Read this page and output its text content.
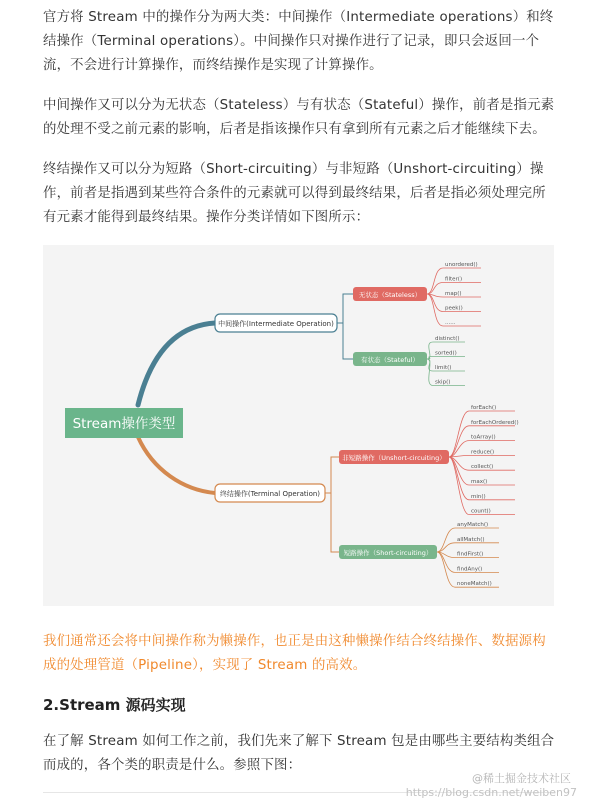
官方将 Stream 中的操作分为两大类：中间操作（Intermediate operations）和终结操作（Terminal operations）。中间操作只对操作进行了记录，即只会返回一个流，不会进行计算操作，而终结操作是实现了计算操作。
中间操作又可以分为无状态（Stateless）与有状态（Stateful）操作，前者是指元素的处理不受之前元素的影响，后者是指该操作只有拿到所有元素之后才能继续下去。
终结操作又可以分为短路（Short-circuiting）与非短路（Unshort-circuiting）操作，前者是指遇到某些符合条件的元素就可以得到最终结果，后者是指必须处理完所有元素才能得到最终结果。操作分类详情如下图所示：
Stream操作类型
中间操作(Intermediate Operation)
终结操作(Terminal Operation)
无状态（Stateless）
有状态（Stateful）
非短路操作（Unshort-circuiting）
短路操作（Short-circuiting）
unordered()
filter()
map()
peek()
......
distinct()
sorted()
limit()
skip()
forEach()
forEachOrdered()
toArray()
reduce()
collect()
max()
min()
count()
anyMatch()
allMatch()
findFirst()
findAny()
noneMatch()
我们通常还会将中间操作称为懒操作，也正是由这种懒操作结合终结操作、数据源构成的处理管道（Pipeline），实现了 Stream 的高效。
2.Stream 源码实现
在了解 Stream 如何工作之前，我们先来了解下 Stream 包是由哪些主要结构类组合而成的，各个类的职责是什么。参照下图：
@稀土掘金技术社区
https://blog.csdn.net/weiben97
